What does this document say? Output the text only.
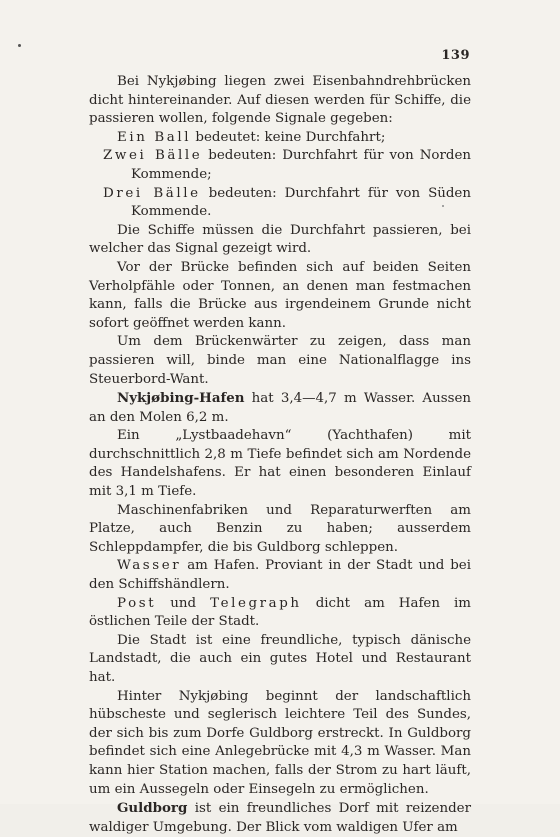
139

Bei Nykjøbing liegen zwei Eisenbahndrehbrücken dicht hintereinander. Auf diesen werden für Schiffe, die passieren wollen, folgende Signale gegeben:

Ein Ball bedeutet: keine Durchfahrt;

Zwei Bälle bedeuten: Durchfahrt für von Norden Kommende;

Drei Bälle bedeuten: Durchfahrt für von Süden Kommende.

Die Schiffe müssen die Durchfahrt passieren, bei welcher das Signal gezeigt wird.

Vor der Brücke befinden sich auf beiden Seiten Verholpfähle oder Tonnen, an denen man festmachen kann, falls die Brücke aus irgendeinem Grunde nicht sofort geöffnet werden kann.

Um dem Brückenwärter zu zeigen, dass man passieren will, binde man eine Nationalflagge ins Steuerbord-Want.

Nykjøbing-Hafen hat 3,4—4,7 m Wasser. Aussen an den Molen 6,2 m.

Ein „Lystbaadehavn“ (Yachthafen) mit durchschnittlich 2,8 m Tiefe befindet sich am Nordende des Handelshafens. Er hat einen besonderen Einlauf mit 3,1 m Tiefe.

Maschinenfabriken und Reparaturwerften am Platze, auch Benzin zu haben; ausserdem Schleppdampfer, die bis Guldborg schleppen.

Wasser am Hafen. Proviant in der Stadt und bei den Schiffshändlern.

Post und Telegraph dicht am Hafen im östlichen Teile der Stadt.

Die Stadt ist eine freundliche, typisch dänische Landstadt, die auch ein gutes Hotel und Restaurant hat.

Hinter Nykjøbing beginnt der landschaftlich hübscheste und seglerisch leichtere Teil des Sundes, der sich bis zum Dorfe Guldborg erstreckt. In Guldborg befindet sich eine Anlegebrücke mit 4,3 m Wasser. Man kann hier Station machen, falls der Strom zu hart läuft, um ein Aussegeln oder Einsegeln zu ermöglichen.

Guldborg ist ein freundliches Dorf mit reizender waldiger Umgebung. Der Blick vom waldigen Ufer am
